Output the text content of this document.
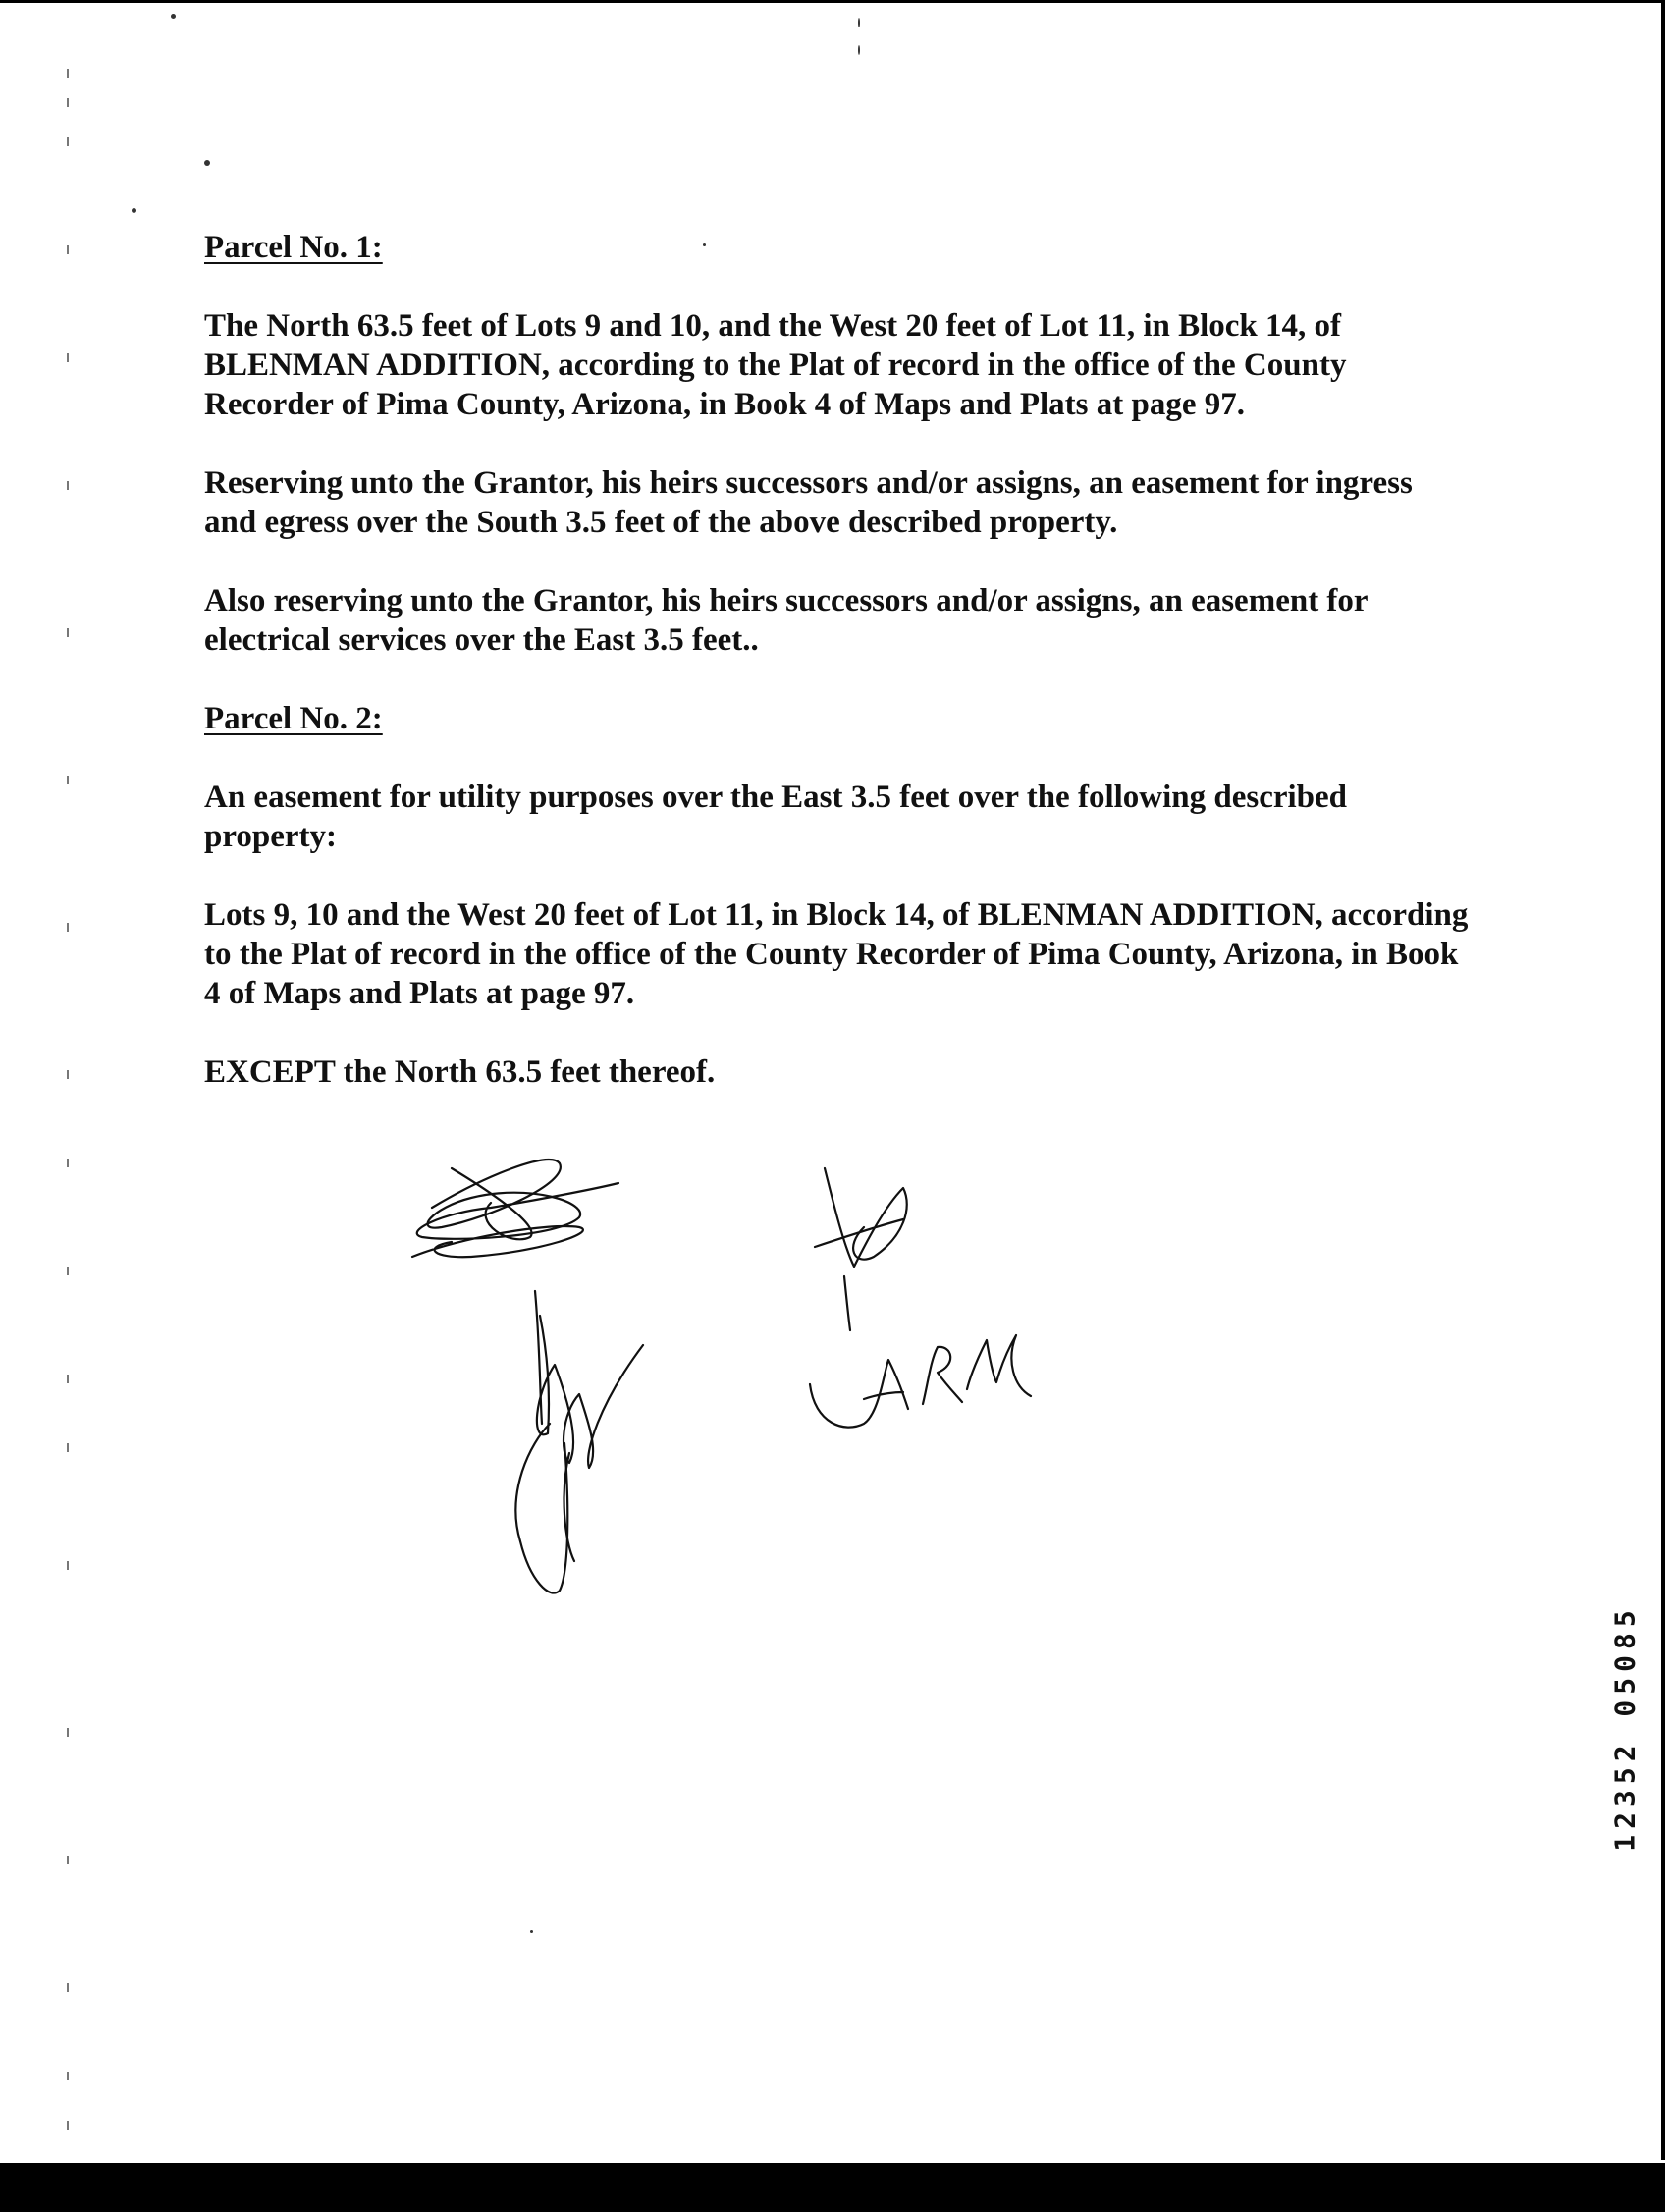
Parcel No. 1:

The North 63.5 feet of Lots 9 and 10, and the West 20 feet of Lot 11, in Block 14, of BLENMAN ADDITION, according to the Plat of record in the office of the County Recorder of Pima County, Arizona, in Book 4 of Maps and Plats at page 97.

Reserving unto the Grantor, his heirs successors and/or assigns, an easement for ingress and egress over the South 3.5 feet of the above described property.

Also reserving unto the Grantor, his heirs successors and/or assigns, an easement for electrical services over the East 3.5 feet..

Parcel No. 2:

An easement for utility purposes over the East 3.5 feet over the following described property:

Lots 9, 10 and the West 20 feet of Lot 11, in Block 14, of BLENMAN ADDITION, according to the Plat of record in the office of the County Recorder of Pima County, Arizona, in Book 4 of Maps and Plats at page 97.

EXCEPT the North 63.5 feet thereof.

12352 05085
